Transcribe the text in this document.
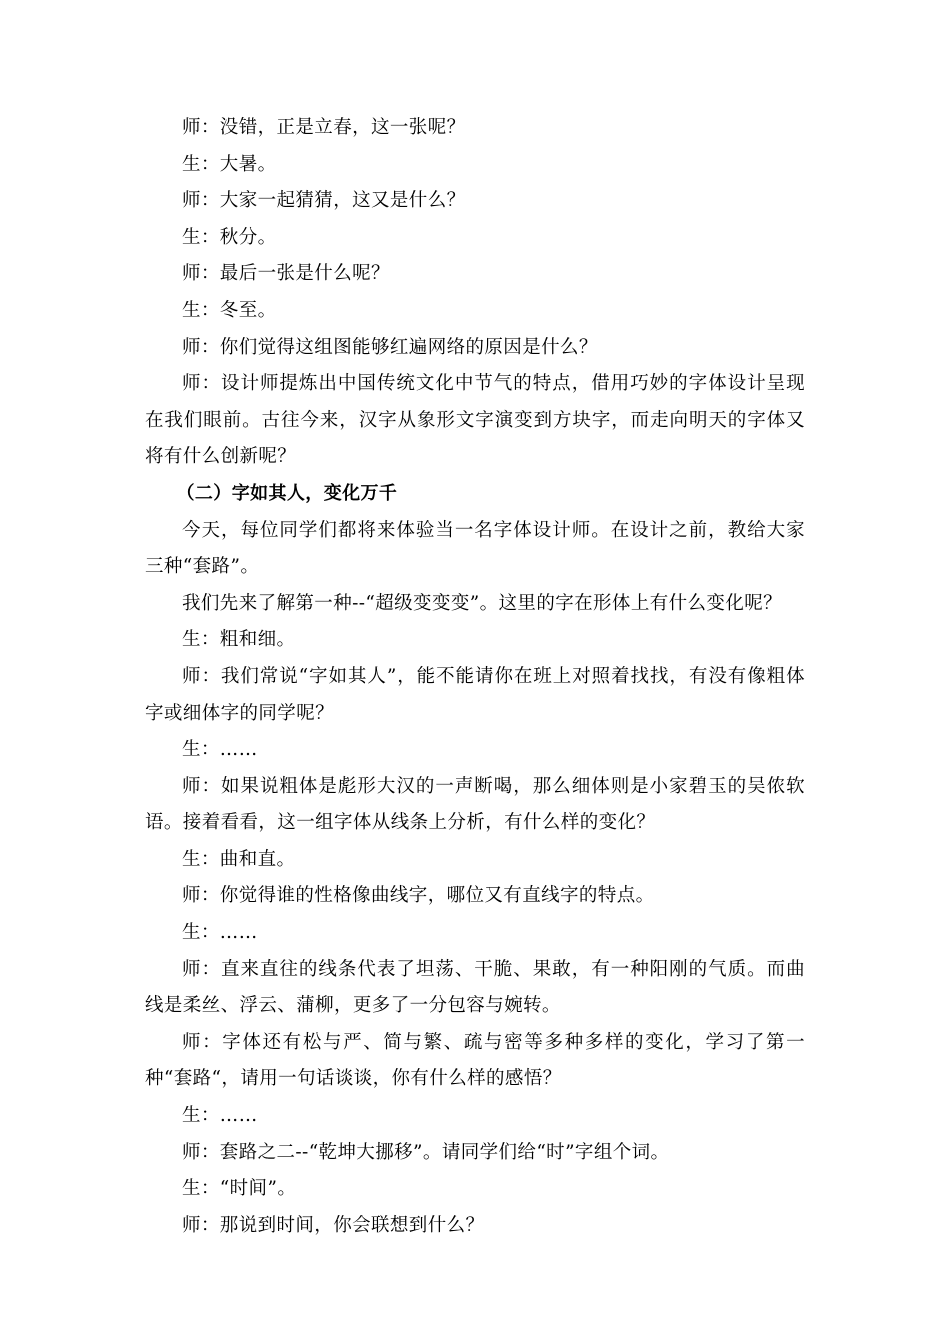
师：没错，正是立春，这一张呢？

生：大暑。

师：大家一起猜猜，这又是什么？

生：秋分。

师：最后一张是什么呢？

生：冬至。

师：你们觉得这组图能够红遍网络的原因是什么？

师：设计师提炼出中国传统文化中节气的特点，借用巧妙的字体设计呈现在我们眼前。古往今来，汉字从象形文字演变到方块字，而走向明天的字体又将有什么创新呢？

（二）字如其人，变化万千

今天，每位同学们都将来体验当一名字体设计师。在设计之前，教给大家三种“套路”。

我们先来了解第一种--“超级变变变”。这里的字在形体上有什么变化呢？

生：粗和细。

师：我们常说“字如其人”，能不能请你在班上对照着找找，有没有像粗体字或细体字的同学呢？

生：……

师：如果说粗体是彪形大汉的一声断喝，那么细体则是小家碧玉的吴侬软语。接着看看，这一组字体从线条上分析，有什么样的变化？

生：曲和直。

师：你觉得谁的性格像曲线字，哪位又有直线字的特点。

生：……

师：直来直往的线条代表了坦荡、干脆、果敢，有一种阳刚的气质。而曲线是柔丝、浮云、蒲柳，更多了一分包容与婉转。

师：字体还有松与严、简与繁、疏与密等多种多样的变化，学习了第一种“套路“，请用一句话谈谈，你有什么样的感悟？

生：……

师：套路之二--“乾坤大挪移”。请同学们给“时”字组个词。

生：“时间”。

师：那说到时间，你会联想到什么？
